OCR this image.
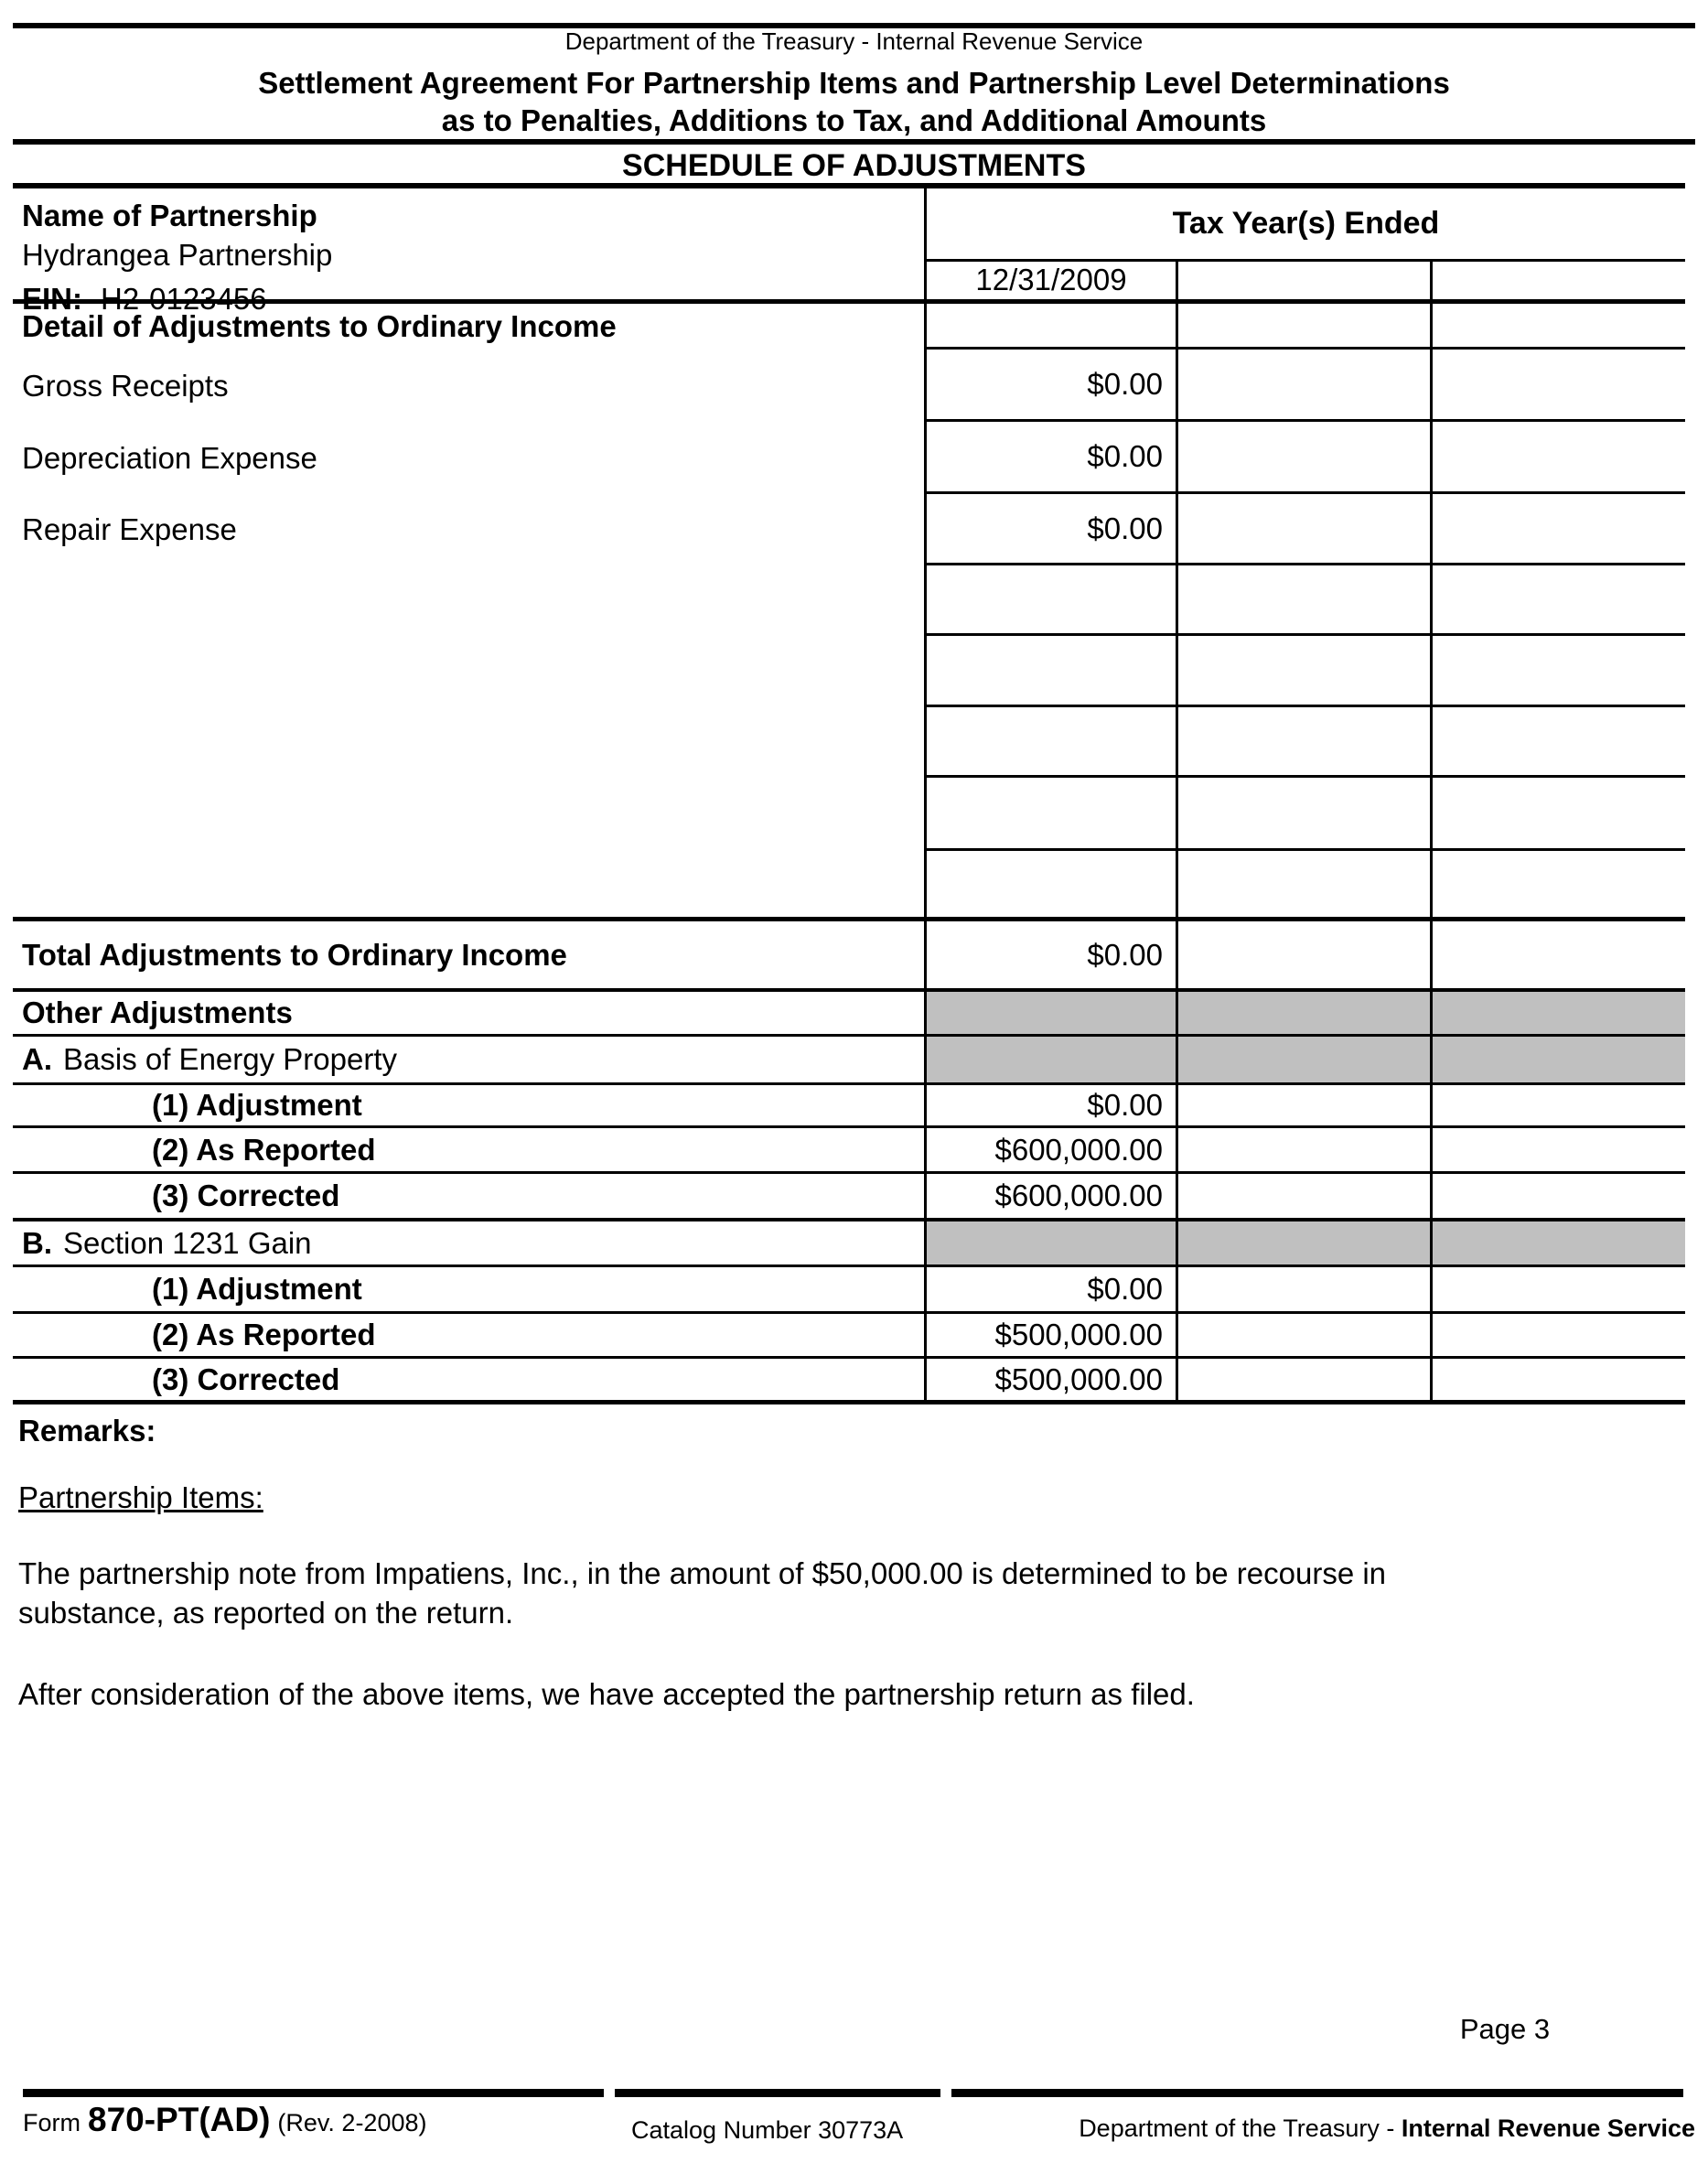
Department of the Treasury - Internal Revenue Service
Settlement Agreement For Partnership Items and Partnership Level Determinations
as to Penalties, Additions to Tax, and Additional Amounts
SCHEDULE OF ADJUSTMENTS
Name of Partnership
Hydrangea Partnership
EIN: H2-0123456
Tax Year(s) Ended
12/31/2009
Detail of Adjustments to Ordinary Income
Gross Receipts	$0.00
Depreciation Expense	$0.00
Repair Expense	$0.00
Total Adjustments to Ordinary Income	$0.00
Other Adjustments
A. Basis of Energy Property
(1) Adjustment	$0.00
(2) As Reported	$600,000.00
(3) Corrected	$600,000.00
B. Section 1231 Gain
(1) Adjustment	$0.00
(2) As Reported	$500,000.00
(3) Corrected	$500,000.00
Remarks:
Partnership Items:
The partnership note from Impatiens, Inc., in the amount of $50,000.00 is determined to be recourse in substance, as reported on the return.
After consideration of the above items, we have accepted the partnership return as filed.
Page 3
Form 870-PT(AD) (Rev. 2-2008)	Catalog Number 30773A	Department of the Treasury - Internal Revenue Service
